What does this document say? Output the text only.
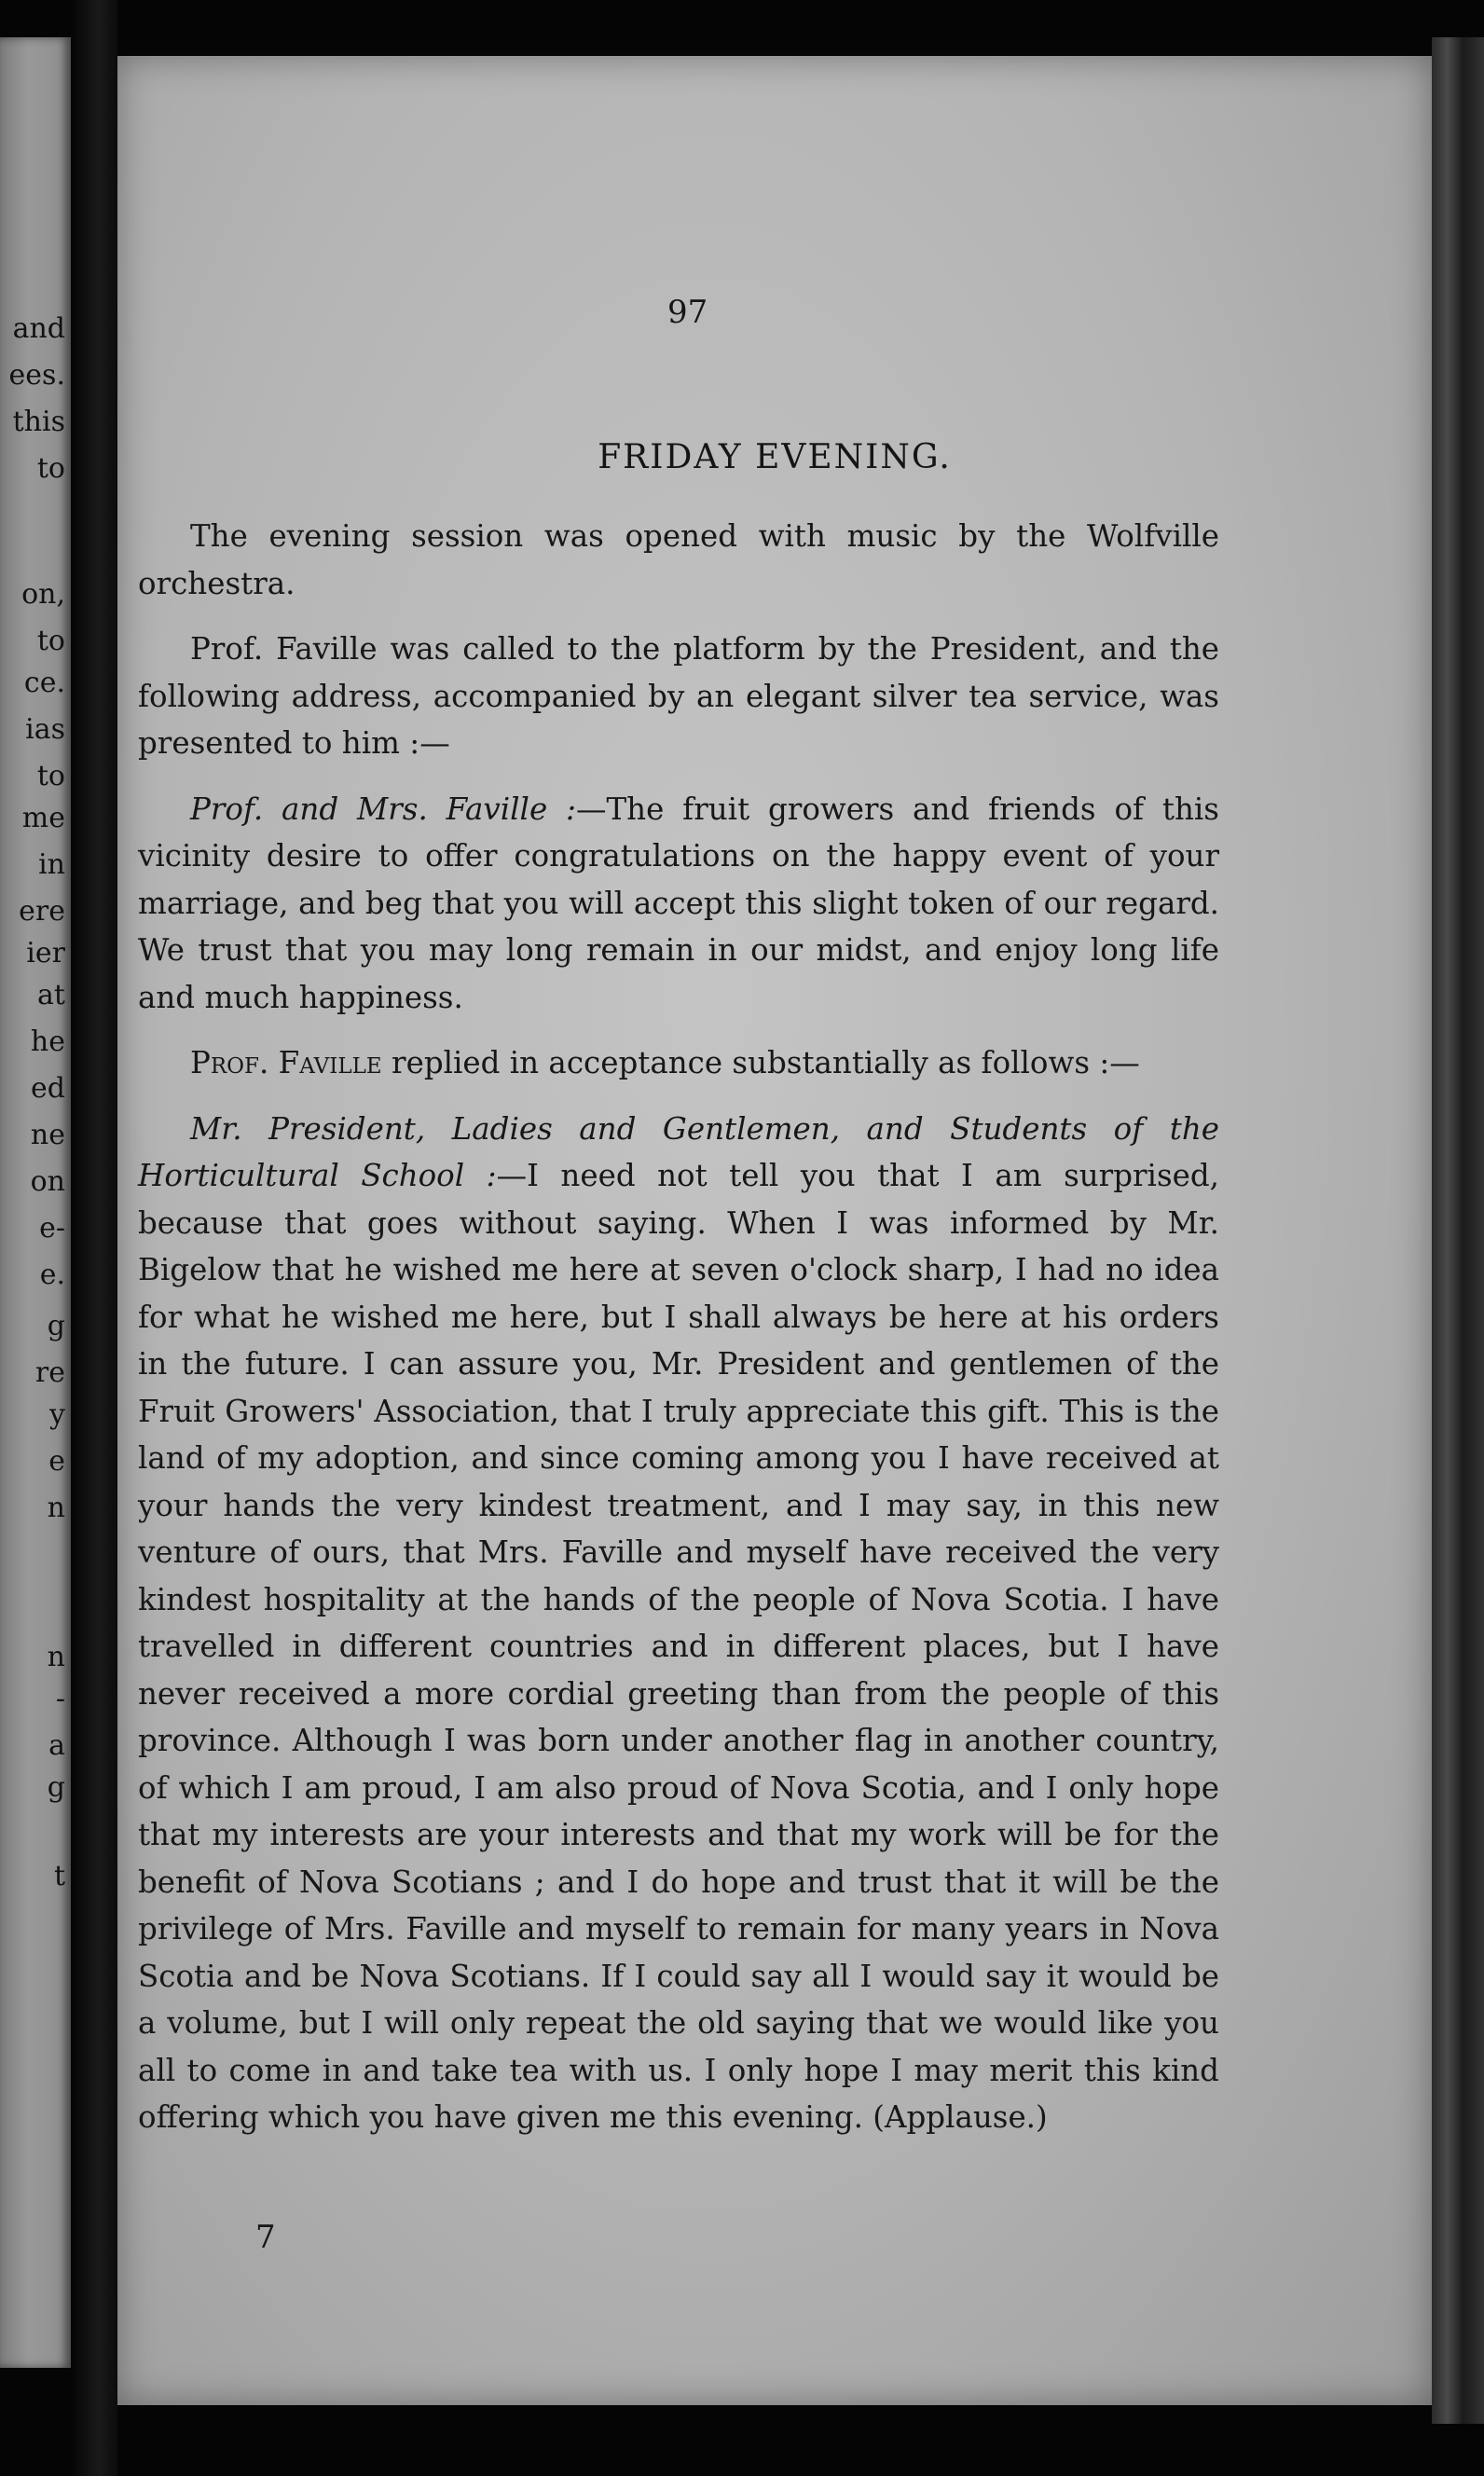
and
ees.
this
to
on,
to
ce.
ias
to
me
in
ere
ier
at
he
ed
ne
on
e-
e.
g
re
y
e
n
n
-
a
g
t
97
FRIDAY EVENING.

The evening session was opened with music by the Wolfville orchestra.

Prof. Faville was called to the platform by the President, and the following address, accompanied by an elegant silver tea service, was presented to him :—

Prof. and Mrs. Faville :—The fruit growers and friends of this vicinity desire to offer congratulations on the happy event of your marriage, and beg that you will accept this slight token of our regard. We trust that you may long remain in our midst, and enjoy long life and much happiness.

Prof. Faville replied in acceptance substantially as follows :—

Mr. President, Ladies and Gentlemen, and Students of the Horticultural School :—I need not tell you that I am surprised, because that goes without saying. When I was informed by Mr. Bigelow that he wished me here at seven o'clock sharp, I had no idea for what he wished me here, but I shall always be here at his orders in the future. I can assure you, Mr. President and gentlemen of the Fruit Growers' Association, that I truly appreciate this gift. This is the land of my adoption, and since coming among you I have received at your hands the very kindest treatment, and I may say, in this new venture of ours, that Mrs. Faville and myself have received the very kindest hospitality at the hands of the people of Nova Scotia. I have travelled in different countries and in different places, but I have never received a more cordial greeting than from the people of this province. Although I was born under another flag in another country, of which I am proud, I am also proud of Nova Scotia, and I only hope that my interests are your interests and that my work will be for the benefit of Nova Scotians ; and I do hope and trust that it will be the privilege of Mrs. Faville and myself to remain for many years in Nova Scotia and be Nova Scotians. If I could say all I would say it would be a volume, but I will only repeat the old saying that we would like you all to come in and take tea with us. I only hope I may merit this kind offering which you have given me this evening. (Applause.)

7
